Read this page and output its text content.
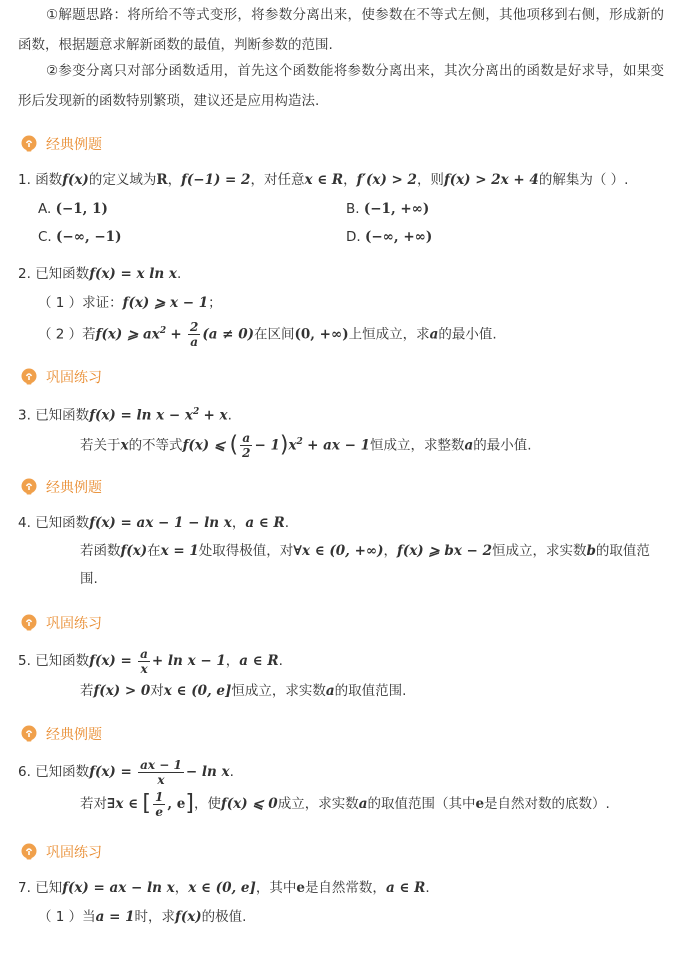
①解题思路：将所给不等式变形，将参数分离出来，使参数在不等式左侧，其他项移到右侧，形成新的函数，根据题意求解新函数的最值，判断参数的范围.
②参变分离只对部分函数适用，首先这个函数能将参数分离出来，其次分离出的函数是好求导，如果变形后发现新的函数特别繁琐，建议还是应用构造法.
经典例题
1. 函数f(x)的定义域为R，f(−1) = 2，对任意x ∈ R，f′(x) > 2，则f(x) > 2x + 4的解集为（ ）.
A. (−1, 1)	B. (−1, +∞)
C. (−∞, −1)	D. (−∞, +∞)
2. 已知函数f(x) = x ln x.
（ 1 ）求证：f(x) ⩾ x − 1；
（ 2 ）若f(x) ⩾ $ax^2 + \frac{2}{a} (a \ne 0)$在区间(0, +∞)上恒成立，求a的最小值.
巩固练习
3. 已知函数$f(x) = \ln x - x^2 + x$.
若关于x的不等式f(x) ⩽ ( $\frac{a}{2} - 1)x^2$ + ax − 1恒成立，求整数a的最小值.
经典例题
4. 已知函数f(x) = ax − 1 − ln x，a ∈ R.
若函数f(x)在x = 1处取得极值，对∀x ∈ (0, +∞)，f(x) ⩾ bx − 2恒成立，求实数b的取值范
围.
巩固练习
5. 已知函数$f(x) = \frac{a}{x} + \ln x - 1$，a ∈ R.
若f(x) > 0对x ∈ (0, e]恒成立，求实数a的取值范围.
经典例题
6. 已知函数$f(x) = \frac{ax - 1}{x} - \ln x$.
若对∃x ∈ [ $\frac{1}{e}$ , e]，使f(x) ⩽ 0成立，求实数a的取值范围（其中e是自然对数的底数）.
巩固练习
7. 已知f(x) = ax − ln x，x ∈ (0, e]，其中e是自然常数，a ∈ R.
（ 1 ）当a = 1时，求f(x)的极值.
